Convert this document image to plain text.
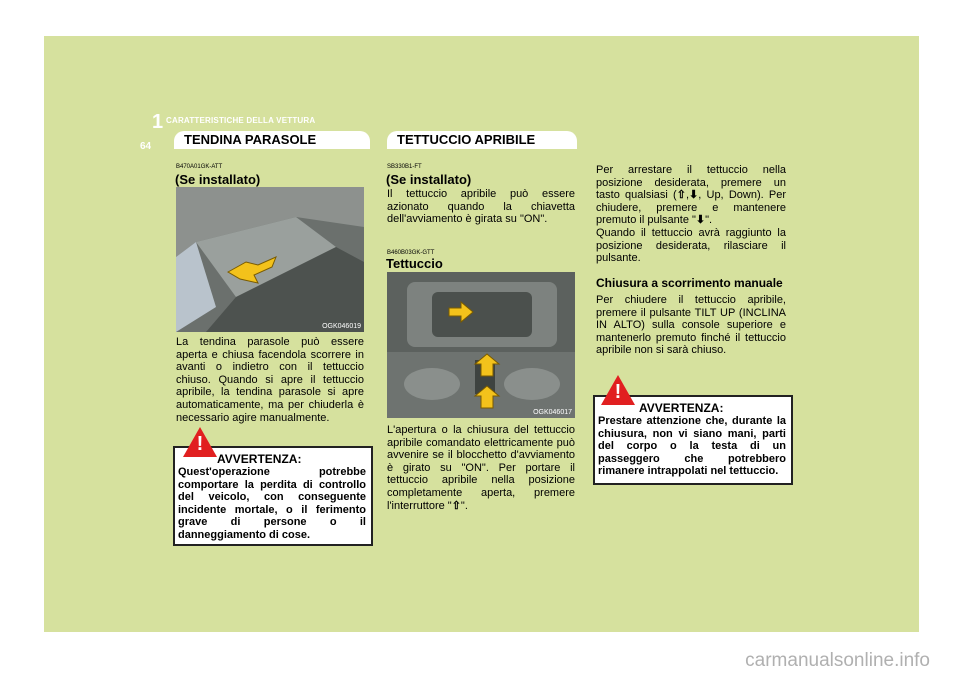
1 CARATTERISTICHE DELLA VETTURA
64	TENDINA PARASOLE
B470A01GK-ATT
(Se installato)
OGK046019
La tendina parasole può essere aperta e chiusa facendola scorrere in avanti o indietro con il tettuccio chiuso. Quando si apre il tettuccio apribile, la tendina parasole si apre automaticamente, ma per chiuderla è necessario agire manualmente.
AVVERTENZA:
Quest'operazione potrebbe comportare la perdita di controllo del veicolo, con conseguente incidente mortale, o il ferimento grave di persone o il danneggiamento di cose.
!
TETTUCCIO APRIBILE
SB330B1-FT
(Se installato)
Il tettuccio apribile può essere azionato quando la chiavetta dell'avviamento è girata su "ON".
B460B03GK-GTT
Tettuccio
OGK046017
L'apertura o la chiusura del tettuccio apribile comandato elettricamente può avvenire se il blocchetto d'avviamento è girato su "ON". Per portare il tettuccio apribile nella posizione completamente aperta, premere l'interruttore "⇧".
Per arrestare il tettuccio nella posizione desiderata, premere un tasto qualsiasi (⇧,⬇, Up, Down). Per chiudere, premere e mantenere premuto il pulsante "⬇".
Quando il tettuccio avrà raggiunto la posizione desiderata, rilasciare il pulsante.
Chiusura a scorrimento manuale
Per chiudere il tettuccio apribile, premere il pulsante TILT UP (INCLINA IN ALTO) sulla console superiore e mantenerlo premuto finché il tettuccio apribile non si sarà chiuso.
AVVERTENZA:
Prestare attenzione che, durante la chiusura, non vi siano mani, parti del corpo o la testa di un passeggero che potrebbero rimanere intrappolati nel tettuccio.
!
carmanualsonline.info
